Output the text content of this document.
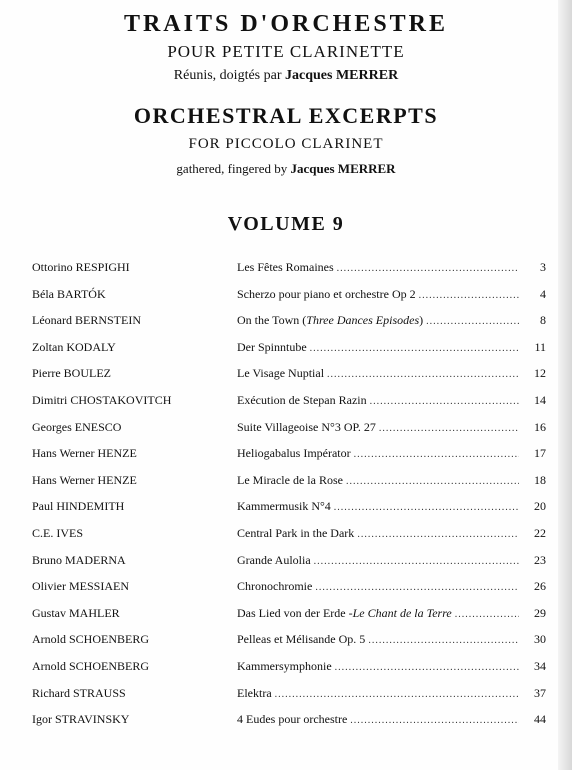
TRAITS D'ORCHESTRE
POUR PETITE CLARINETTE
Réunis, doigtés par Jacques MERRER
ORCHESTRAL EXCERPTS
FOR PICCOLO CLARINET
gathered, fingered by Jacques MERRER
VOLUME 9
Ottorino RESPIGHI	Les Fêtes Romaines .....	3
Béla BARTÓK	Scherzo pour piano et orchestre Op 2 .....	4
Léonard BERNSTEIN	On the Town ( Three Dances Episodes ) .....	8
Zoltan KODALY	Der Spinntube .....	11
Pierre BOULEZ	Le Visage Nuptial .....	12
Dimitri CHOSTAKOVITCH	Exécution de Stepan Razin .....	14
Georges ENESCO	Suite Villageoise N°3 OP. 27 .....	16
Hans Werner HENZE	Heliogabalus Impérator .....	17
Hans Werner HENZE	Le Miracle de la Rose .....	18
Paul HINDEMITH	Kammermusik N°4 .....	20
C.E. IVES	Central Park in the Dark .....	22
Bruno MADERNA	Grande Aulolia .....	23
Olivier MESSIAEN	Chronochromie .....	26
Gustav MAHLER	Das Lied von der Erde - Le Chant de la Terre .....	29
Arnold SCHOENBERG	Pelleas et Mélisande Op. 5 .....	30
Arnold SCHOENBERG	Kammersymphonie .....	34
Richard STRAUSS	Elektra .....	37
Igor STRAVINSKY	4 Eudes pour orchestre .....	44
